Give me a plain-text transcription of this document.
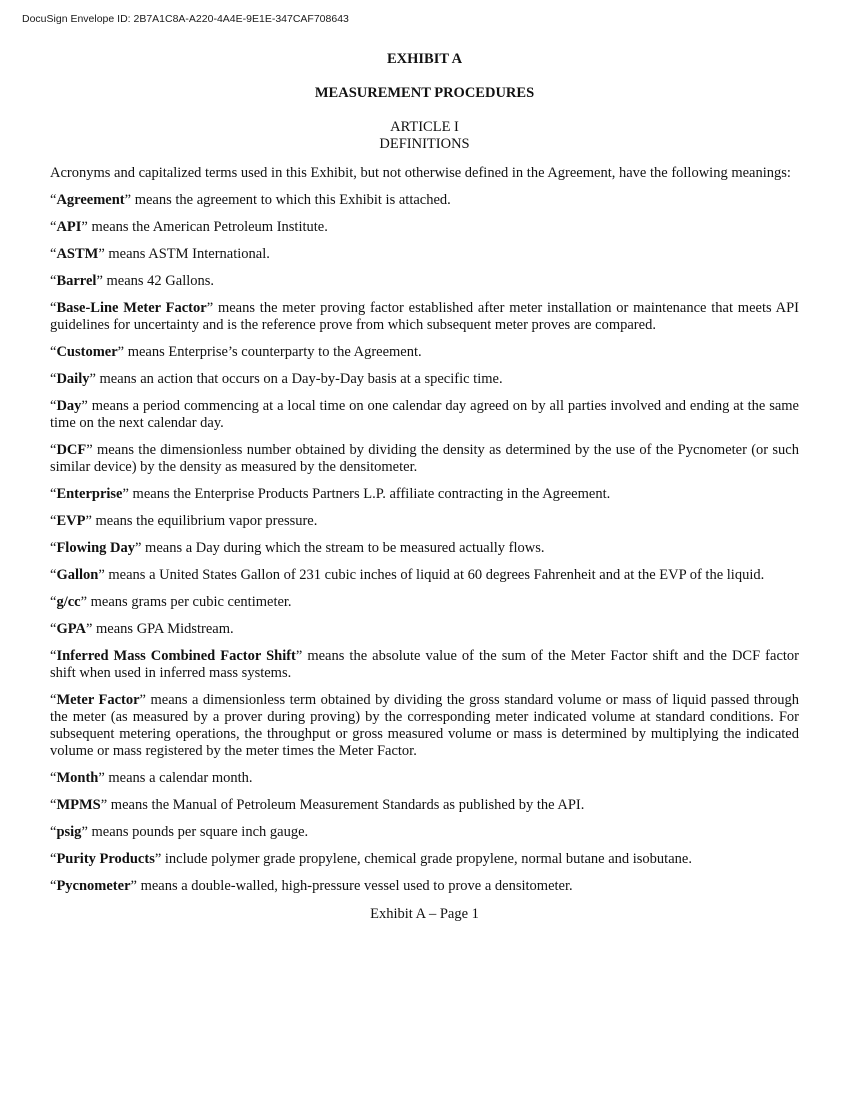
DocuSign Envelope ID: 2B7A1C8A-A220-4A4E-9E1E-347CAF708643
EXHIBIT A
MEASUREMENT PROCEDURES
ARTICLE I
DEFINITIONS

Acronyms and capitalized terms used in this Exhibit, but not otherwise defined in the Agreement, have the following meanings:

“Agreement” means the agreement to which this Exhibit is attached.

“API” means the American Petroleum Institute.

“ASTM” means ASTM International.

“Barrel” means 42 Gallons.

“Base-Line Meter Factor” means the meter proving factor established after meter installation or maintenance that meets API guidelines for uncertainty and is the reference prove from which subsequent meter proves are compared.

“Customer” means Enterprise’s counterparty to the Agreement.

“Daily” means an action that occurs on a Day-by-Day basis at a specific time.

“Day” means a period commencing at a local time on one calendar day agreed on by all parties involved and ending at the same time on the next calendar day.

“DCF” means the dimensionless number obtained by dividing the density as determined by the use of the Pycnometer (or such similar device) by the density as measured by the densitometer.

“Enterprise” means the Enterprise Products Partners L.P. affiliate contracting in the Agreement.

“EVP” means the equilibrium vapor pressure.

“Flowing Day” means a Day during which the stream to be measured actually flows.

“Gallon” means a United States Gallon of 231 cubic inches of liquid at 60 degrees Fahrenheit and at the EVP of the liquid.

“g/cc” means grams per cubic centimeter.

“GPA” means GPA Midstream.

“Inferred Mass Combined Factor Shift” means the absolute value of the sum of the Meter Factor shift and the DCF factor shift when used in inferred mass systems.

“Meter Factor” means a dimensionless term obtained by dividing the gross standard volume or mass of liquid passed through the meter (as measured by a prover during proving) by the corresponding meter indicated volume at standard conditions. For subsequent metering operations, the throughput or gross measured volume or mass is determined by multiplying the indicated volume or mass registered by the meter times the Meter Factor.

“Month” means a calendar month.

“MPMS” means the Manual of Petroleum Measurement Standards as published by the API.

“psig” means pounds per square inch gauge.

“Purity Products” include polymer grade propylene, chemical grade propylene, normal butane and isobutane.

“Pycnometer” means a double-walled, high-pressure vessel used to prove a densitometer.

Exhibit A – Page 1
